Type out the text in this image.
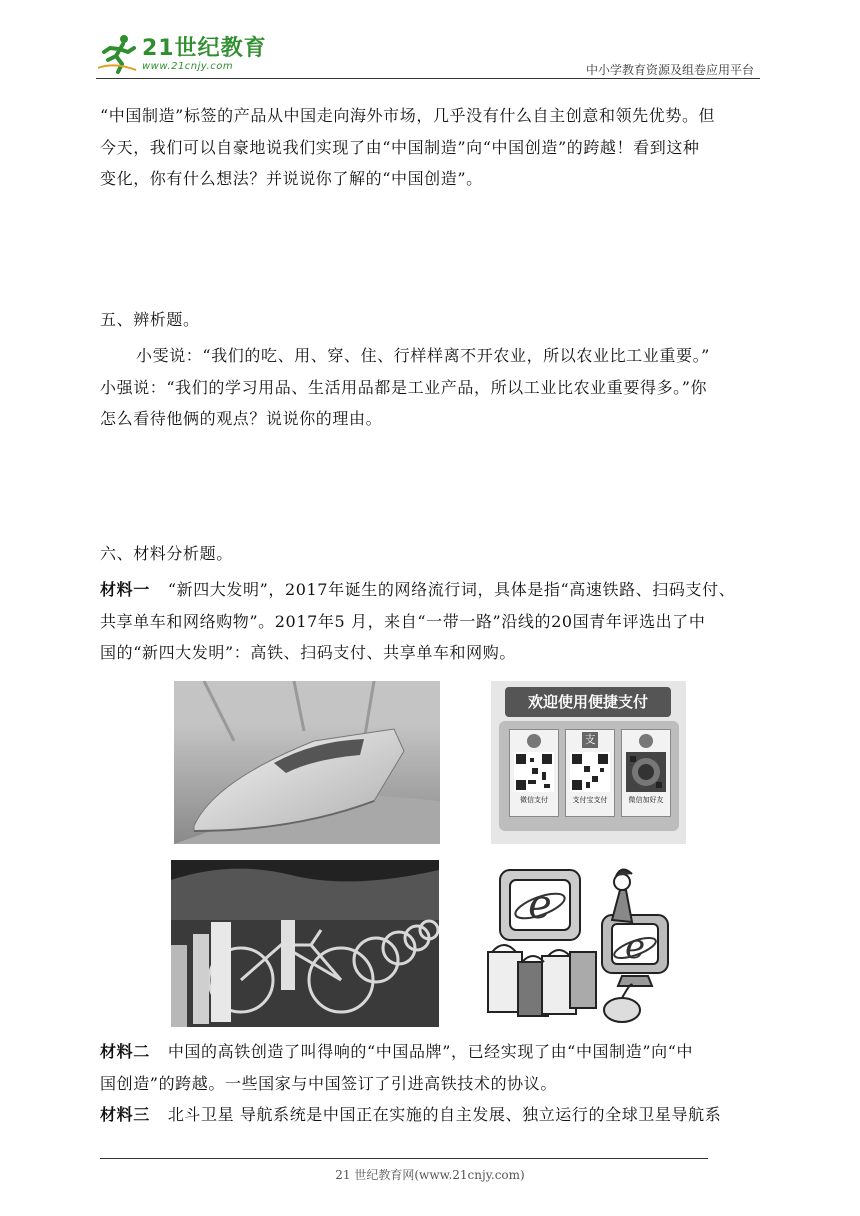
21世纪教育
www.21cnjy.com	中小学教育资源及组卷应用平台
“中国制造”标签的产品从中国走向海外市场，几乎没有什么自主创意和领先优势。但
今天，我们可以自豪地说我们实现了由“中国制造”向“中国创造”的跨越！看到这种
变化，你有什么想法？并说说你了解的“中国创造”。
五、辨析题。
小雯说：“我们的吃、用、穿、住、行样样离不开农业，所以农业比工业重要。”
小强说：“我们的学习用品、生活用品都是工业产品，所以工业比农业重要得多。”你
怎么看待他俩的观点？说说你的理由。
六、材料分析题。
材料一 “新四大发明”，2017年诞生的网络流行词，具体是指“高速铁路、扫码支付、
共享单车和网络购物”。2017年5 月，来自“一带一路”沿线的20国青年评选出了中
国的“新四大发明”：高铁、扫码支付、共享单车和网购。
欢迎使用便捷支付
微信支付
支
支付宝支付	微信加好友
e
e
材料二 中国的高铁创造了叫得响的“中国品牌”，已经实现了由“中国制造”向“中
国创造”的跨越。一些国家与中国签订了引进高铁技术的协议。
材料三 北斗卫星 导航系统是中国正在实施的自主发展、独立运行的全球卫星导航系
21 世纪教育网(www.21cnjy.com)
